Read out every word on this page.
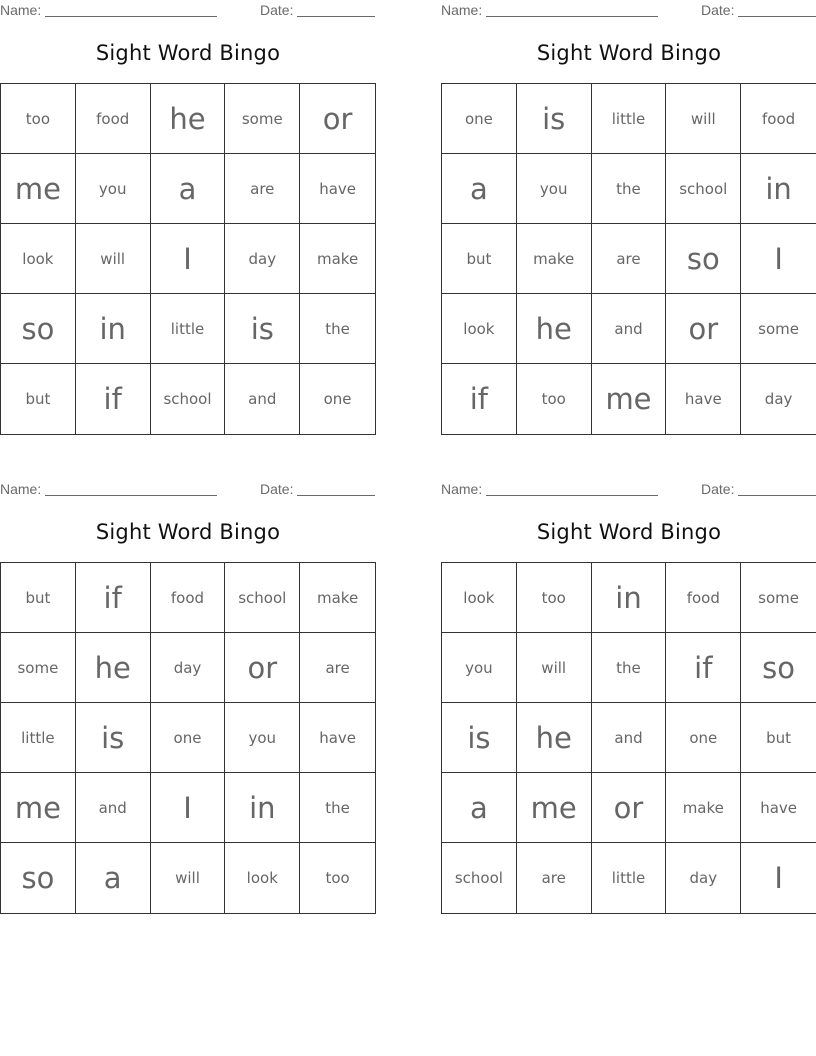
Name:	Date:
Sight Word Bingo
too	food	he	some	or
me	you	a	are	have
look	will	I	day	make
so	in	little	is	the
but	if	school	and	one
Name:	Date:
Sight Word Bingo
one	is	little	will	food
a	you	the	school	in
but	make	are	so	I
look	he	and	or	some
if	too	me	have	day
Name:	Date:
Sight Word Bingo
but	if	food	school	make
some	he	day	or	are
little	is	one	you	have
me	and	I	in	the
so	a	will	look	too
Name:	Date:
Sight Word Bingo
look	too	in	food	some
you	will	the	if	so
is	he	and	one	but
a	me	or	make	have
school	are	little	day	I
